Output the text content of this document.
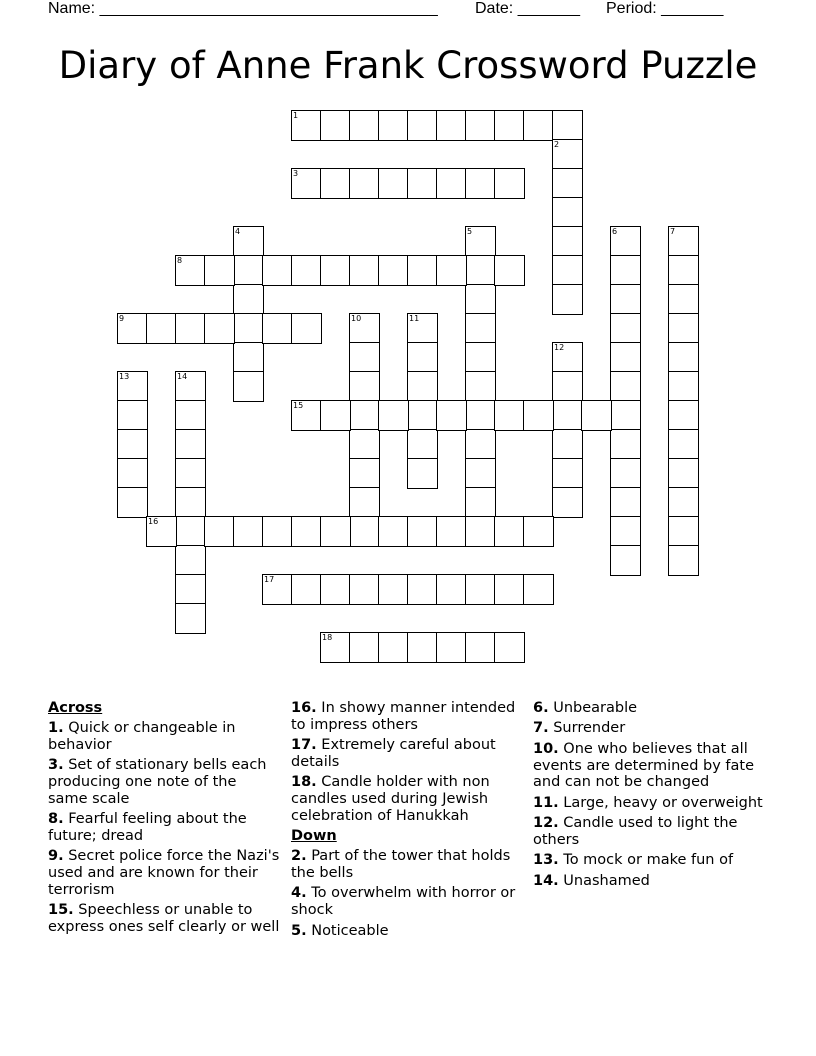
Name: ______________________________________ Date: _______ Period: _______
Diary of Anne Frank Crossword Puzzle
1
2
3
4	5	6	7
8
9	10	11
12
13	14
15
16
17
18
Across
1. Quick or changeable in behavior
3. Set of stationary bells each producing one note of the same scale
8. Fearful feeling about the future; dread
9. Secret police force the Nazi's used and are known for their terrorism
15. Speechless or unable to express ones self clearly or well
16. In showy manner intended to impress others
17. Extremely careful about details
18. Candle holder with non candles used during Jewish celebration of Hanukkah
Down
2. Part of the tower that holds the bells
4. To overwhelm with horror or shock
5. Noticeable
6. Unbearable
7. Surrender
10. One who believes that all events are determined by fate and can not be changed
11. Large, heavy or overweight
12. Candle used to light the others
13. To mock or make fun of
14. Unashamed
